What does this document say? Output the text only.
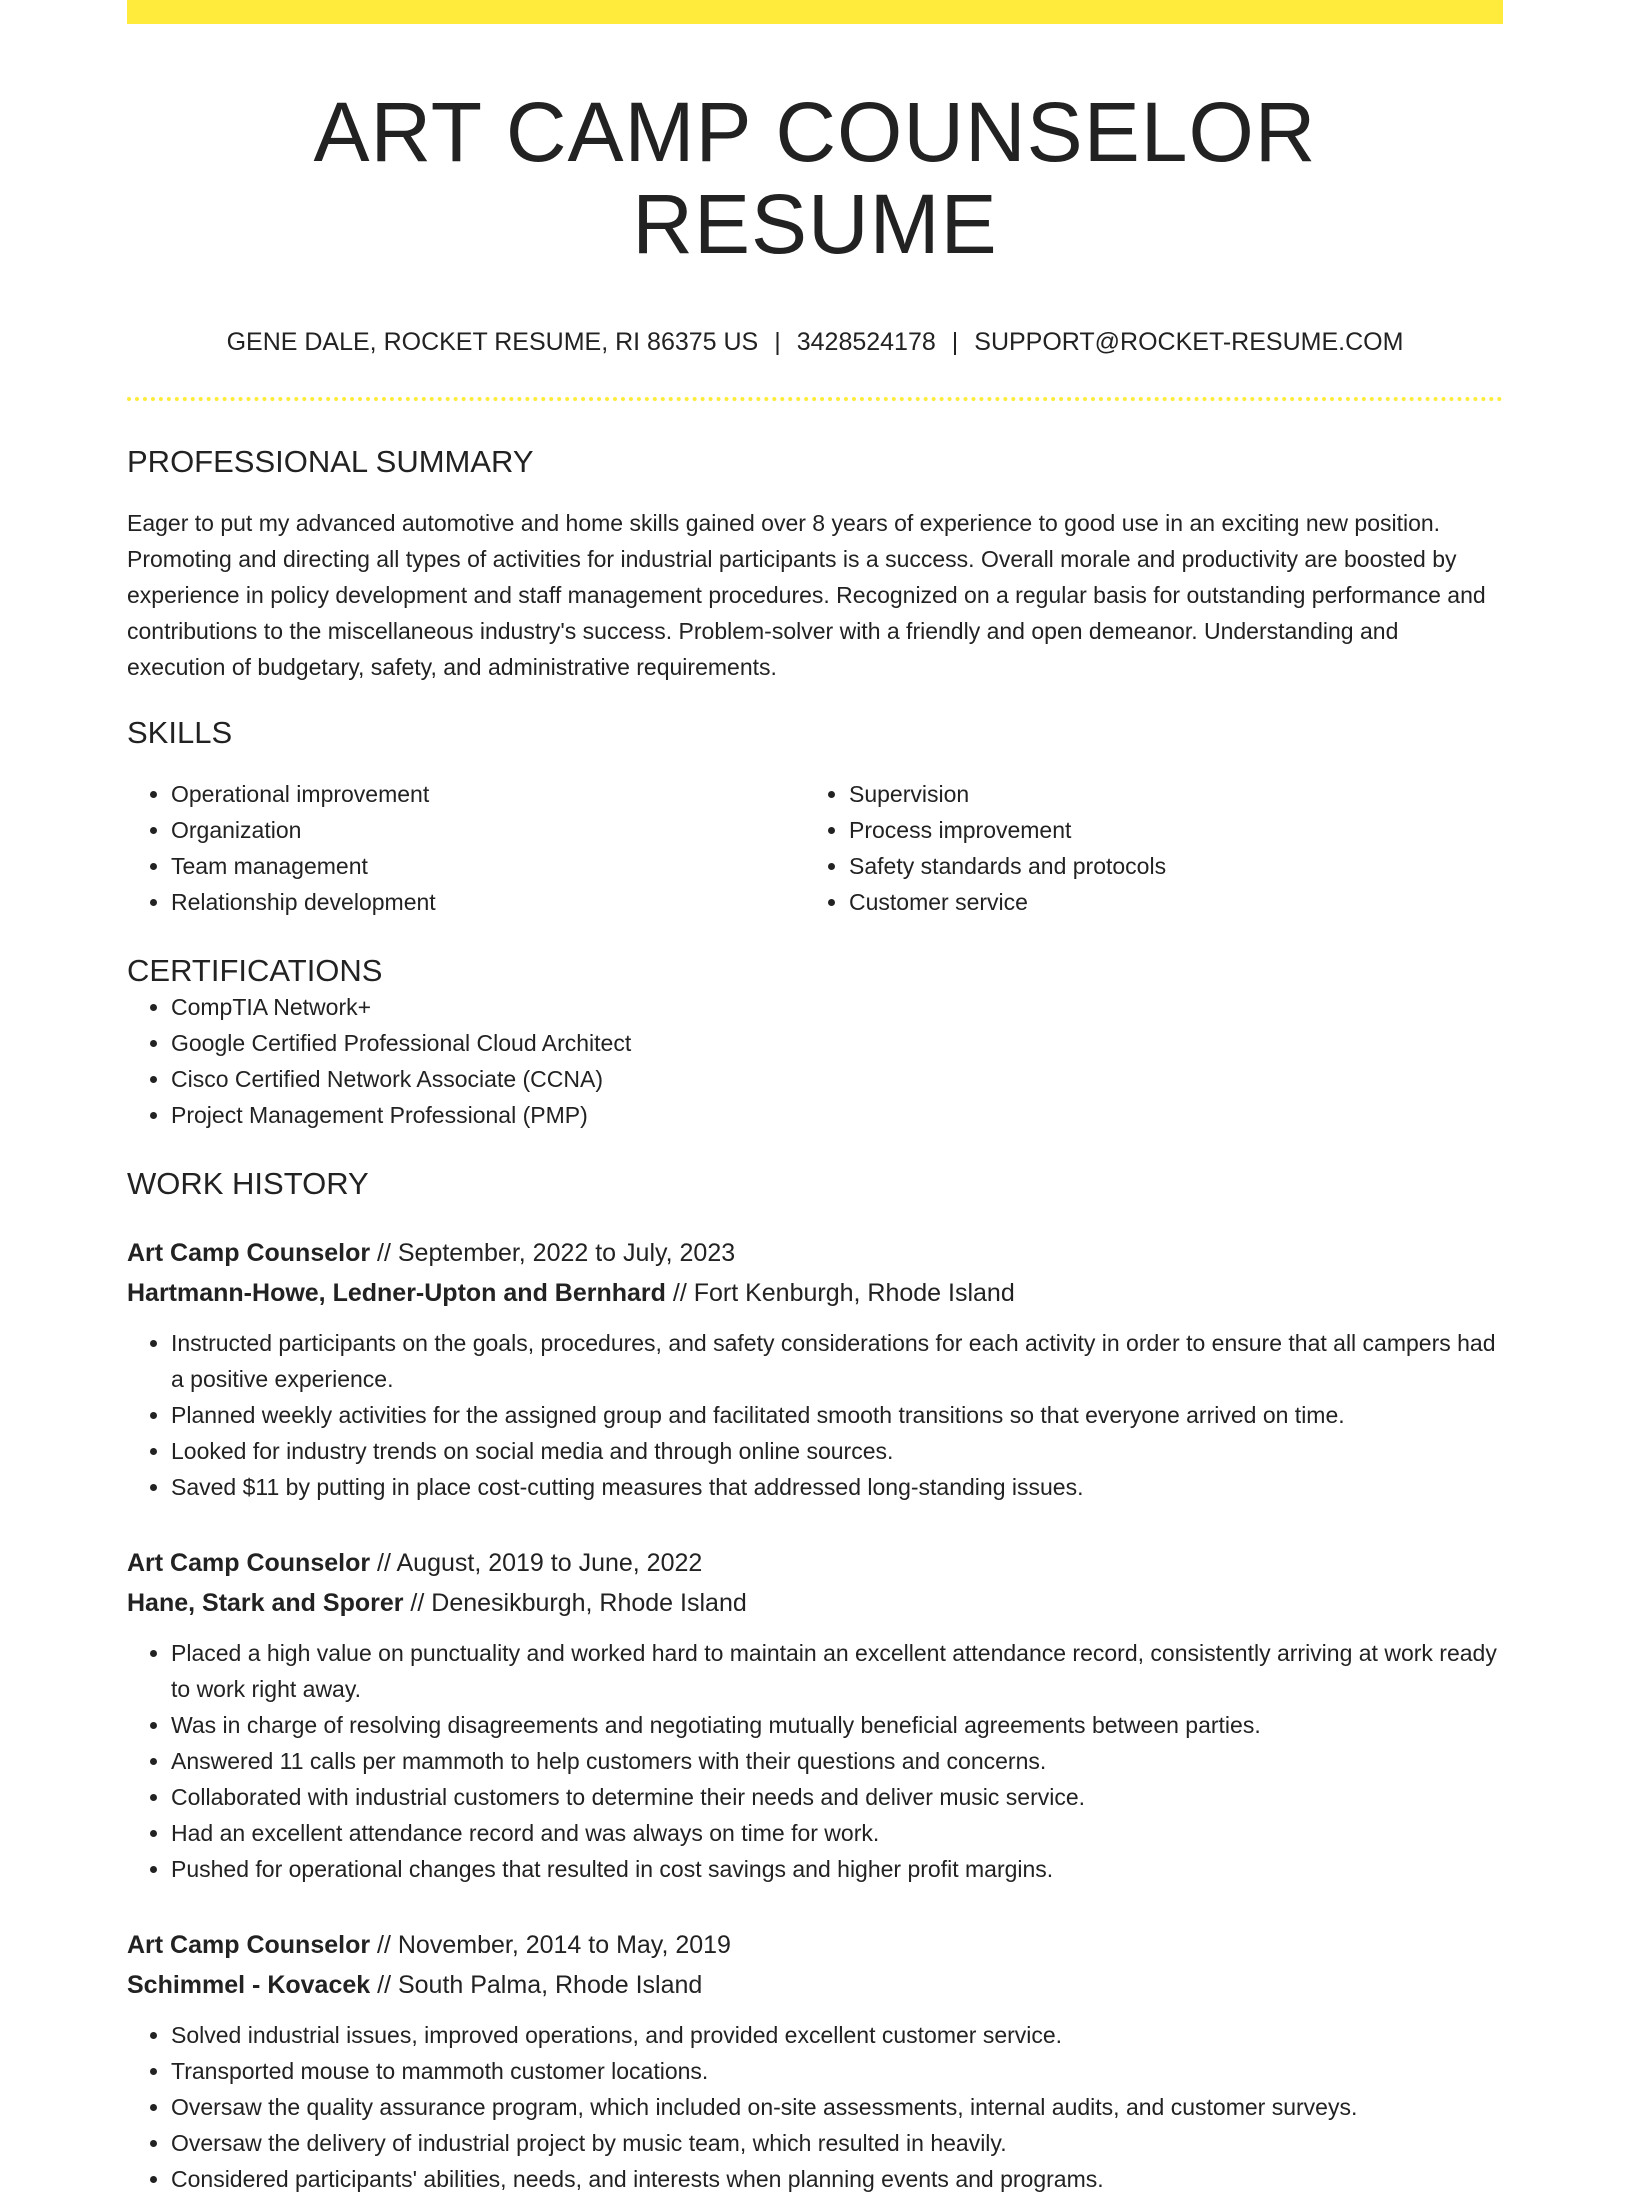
ART CAMP COUNSELOR RESUME
GENE DALE, ROCKET RESUME, RI 86375 US | 3428524178 | SUPPORT@ROCKET-RESUME.COM
PROFESSIONAL SUMMARY

Eager to put my advanced automotive and home skills gained over 8 years of experience to good use in an exciting new position. Promoting and directing all types of activities for industrial participants is a success. Overall morale and productivity are boosted by experience in policy development and staff management procedures. Recognized on a regular basis for outstanding performance and contributions to the miscellaneous industry's success. Problem-solver with a friendly and open demeanor. Understanding and execution of budgetary, safety, and administrative requirements.

SKILLS
• Operational improvement
• Organization
• Team management
• Relationship development
• Supervision
• Process improvement
• Safety standards and protocols
• Customer service
CERTIFICATIONS
• CompTIA Network+
• Google Certified Professional Cloud Architect
• Cisco Certified Network Associate (CCNA)
• Project Management Professional (PMP)
WORK HISTORY

Art Camp Counselor // September, 2022 to July, 2023

Hartmann-Howe, Ledner-Upton and Bernhard // Fort Kenburgh, Rhode Island

• Instructed participants on the goals, procedures, and safety considerations for each activity in order to ensure that all campers had a positive experience.
• Planned weekly activities for the assigned group and facilitated smooth transitions so that everyone arrived on time.
• Looked for industry trends on social media and through online sources.
• Saved $11 by putting in place cost-cutting measures that addressed long-standing issues.

Art Camp Counselor // August, 2019 to June, 2022

Hane, Stark and Sporer // Denesikburgh, Rhode Island

• Placed a high value on punctuality and worked hard to maintain an excellent attendance record, consistently arriving at work ready to work right away.
• Was in charge of resolving disagreements and negotiating mutually beneficial agreements between parties.
• Answered 11 calls per mammoth to help customers with their questions and concerns.
• Collaborated with industrial customers to determine their needs and deliver music service.
• Had an excellent attendance record and was always on time for work.
• Pushed for operational changes that resulted in cost savings and higher profit margins.

Art Camp Counselor // November, 2014 to May, 2019

Schimmel - Kovacek // South Palma, Rhode Island

• Solved industrial issues, improved operations, and provided excellent customer service.
• Transported mouse to mammoth customer locations.
• Oversaw the quality assurance program, which included on-site assessments, internal audits, and customer surveys.
• Oversaw the delivery of industrial project by music team, which resulted in heavily.
• Considered participants' abilities, needs, and interests when planning events and programs.
